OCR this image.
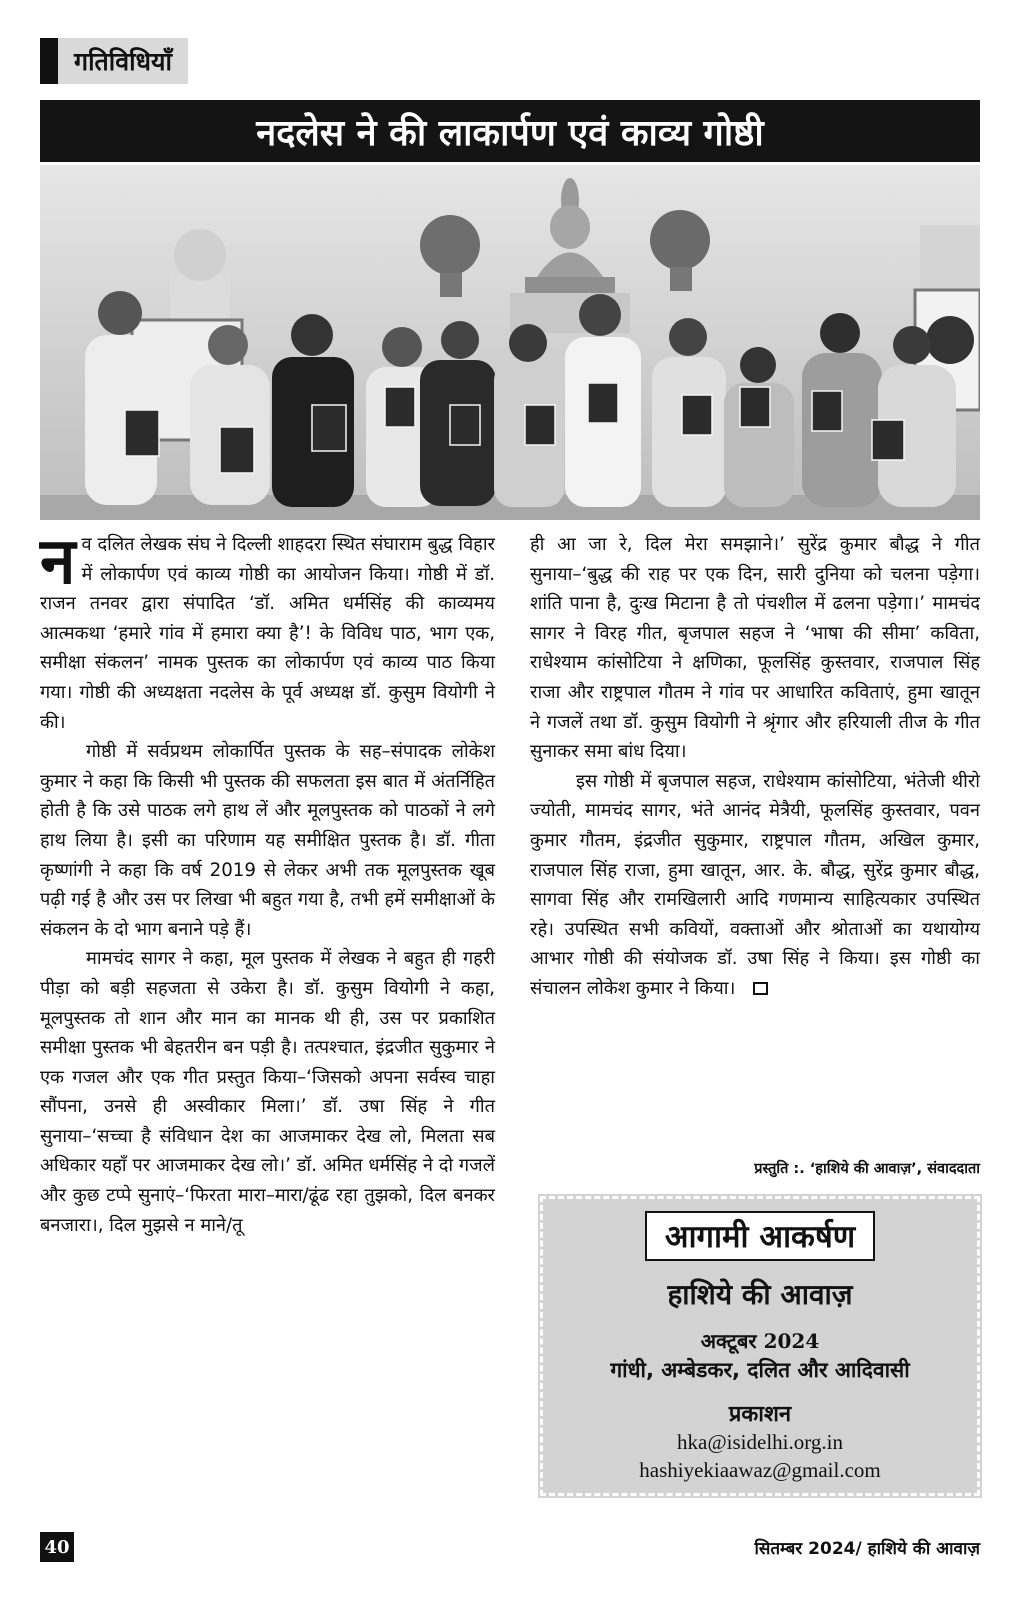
गतिविधियाँ
नदलेस ने की लाकार्पण एवं काव्य गोष्ठी

नव दलित लेखक संघ ने दिल्ली शाहदरा स्थित संघाराम बुद्ध विहार में लोकार्पण एवं काव्य गोष्ठी का आयोजन किया। गोष्ठी में डॉ. राजन तनवर द्वारा संपादित ‘डॉ. अमित धर्मसिंह की काव्यमय आत्मकथा ‘हमारे गांव में हमारा क्या है’! के विविध पाठ, भाग एक, समीक्षा संकलन’ नामक पुस्तक का लोकार्पण एवं काव्य पाठ किया गया। गोष्ठी की अध्यक्षता नदलेस के पूर्व अध्यक्ष डॉ. कुसुम वियोगी ने की।

गोष्ठी में सर्वप्रथम लोकार्पित पुस्तक के सह–संपादक लोकेश कुमार ने कहा कि किसी भी पुस्तक की सफलता इस बात में अंतर्निहित होती है कि उसे पाठक लगे हाथ लें और मूलपुस्तक को पाठकों ने लगे हाथ लिया है। इसी का परिणाम यह समीक्षित पुस्तक है। डॉ. गीता कृष्णांगी ने कहा कि वर्ष 2019 से लेकर अभी तक मूलपुस्तक खूब पढ़ी गई है और उस पर लिखा भी बहुत गया है, तभी हमें समीक्षाओं के संकलन के दो भाग बनाने पड़े हैं।

मामचंद सागर ने कहा, मूल पुस्तक में लेखक ने बहुत ही गहरी पीड़ा को बड़ी सहजता से उकेरा है। डॉ. कुसुम वियोगी ने कहा, मूलपुस्तक तो शान और मान का मानक थी ही, उस पर प्रकाशित समीक्षा पुस्तक भी बेहतरीन बन पड़ी है। तत्पश्चात, इंद्रजीत सुकुमार ने एक गजल और एक गीत प्रस्तुत किया–‘जिसको अपना सर्वस्व चाहा सौंपना, उनसे ही अस्वीकार मिला।’ डॉ. उषा सिंह ने गीत सुनाया–‘सच्चा है संविधान देश का आजमाकर देख लो, मिलता सब अधिकार यहाँ पर आजमाकर देख लो।’ डॉ. अमित धर्मसिंह ने दो गजलें और कुछ टप्पे सुनाएं–‘फिरता मारा–मारा/ढूंढ रहा तुझको, दिल बनकर बनजारा।, दिल मुझसे न माने/तू

ही आ जा रे, दिल मेरा समझाने।’ सुरेंद्र कुमार बौद्ध ने गीत सुनाया–‘बुद्ध की राह पर एक दिन, सारी दुनिया को चलना पड़ेगा। शांति पाना है, दुःख मिटाना है तो पंचशील में ढलना पड़ेगा।’ मामचंद सागर ने विरह गीत, बृजपाल सहज ने ‘भाषा की सीमा’ कविता, राधेश्याम कांसोटिया ने क्षणिका, फूलसिंह कुस्तवार, राजपाल सिंह राजा और राष्ट्रपाल गौतम ने गांव पर आधारित कविताएं, हुमा खातून ने गजलें तथा डॉ. कुसुम वियोगी ने श्रृंगार और हरियाली तीज के गीत सुनाकर समा बांध दिया।

इस गोष्ठी में बृजपाल सहज, राधेश्याम कांसोटिया, भंतेजी थीरो ज्योती, मामचंद सागर, भंते आनंद मेत्रैयी, फूलसिंह कुस्तवार, पवन कुमार गौतम, इंद्रजीत सुकुमार, राष्ट्रपाल गौतम, अखिल कुमार, राजपाल सिंह राजा, हुमा खातून, आर. के. बौद्ध, सुरेंद्र कुमार बौद्ध, सागवा सिंह और रामखिलारी आदि गणमान्य साहित्यकार उपस्थित रहे। उपस्थित सभी कवियों, वक्ताओं और श्रोताओं का यथायोग्य आभार गोष्ठी की संयोजक डॉ. उषा सिंह ने किया। इस गोष्ठी का संचालन लोकेश कुमार ने किया।

प्रस्तुति :. ‘हाशिये की आवाज़’, संवाददाता
आगामी आकर्षण
हाशिये की आवाज़
अक्टूबर 2024
गांधी, अम्बेडकर, दलित और आदिवासी
प्रकाशन
hka@isidelhi.org.in
hashiyekiaawaz@gmail.com
40	सितम्बर 2024/ हाशिये की आवाज़
